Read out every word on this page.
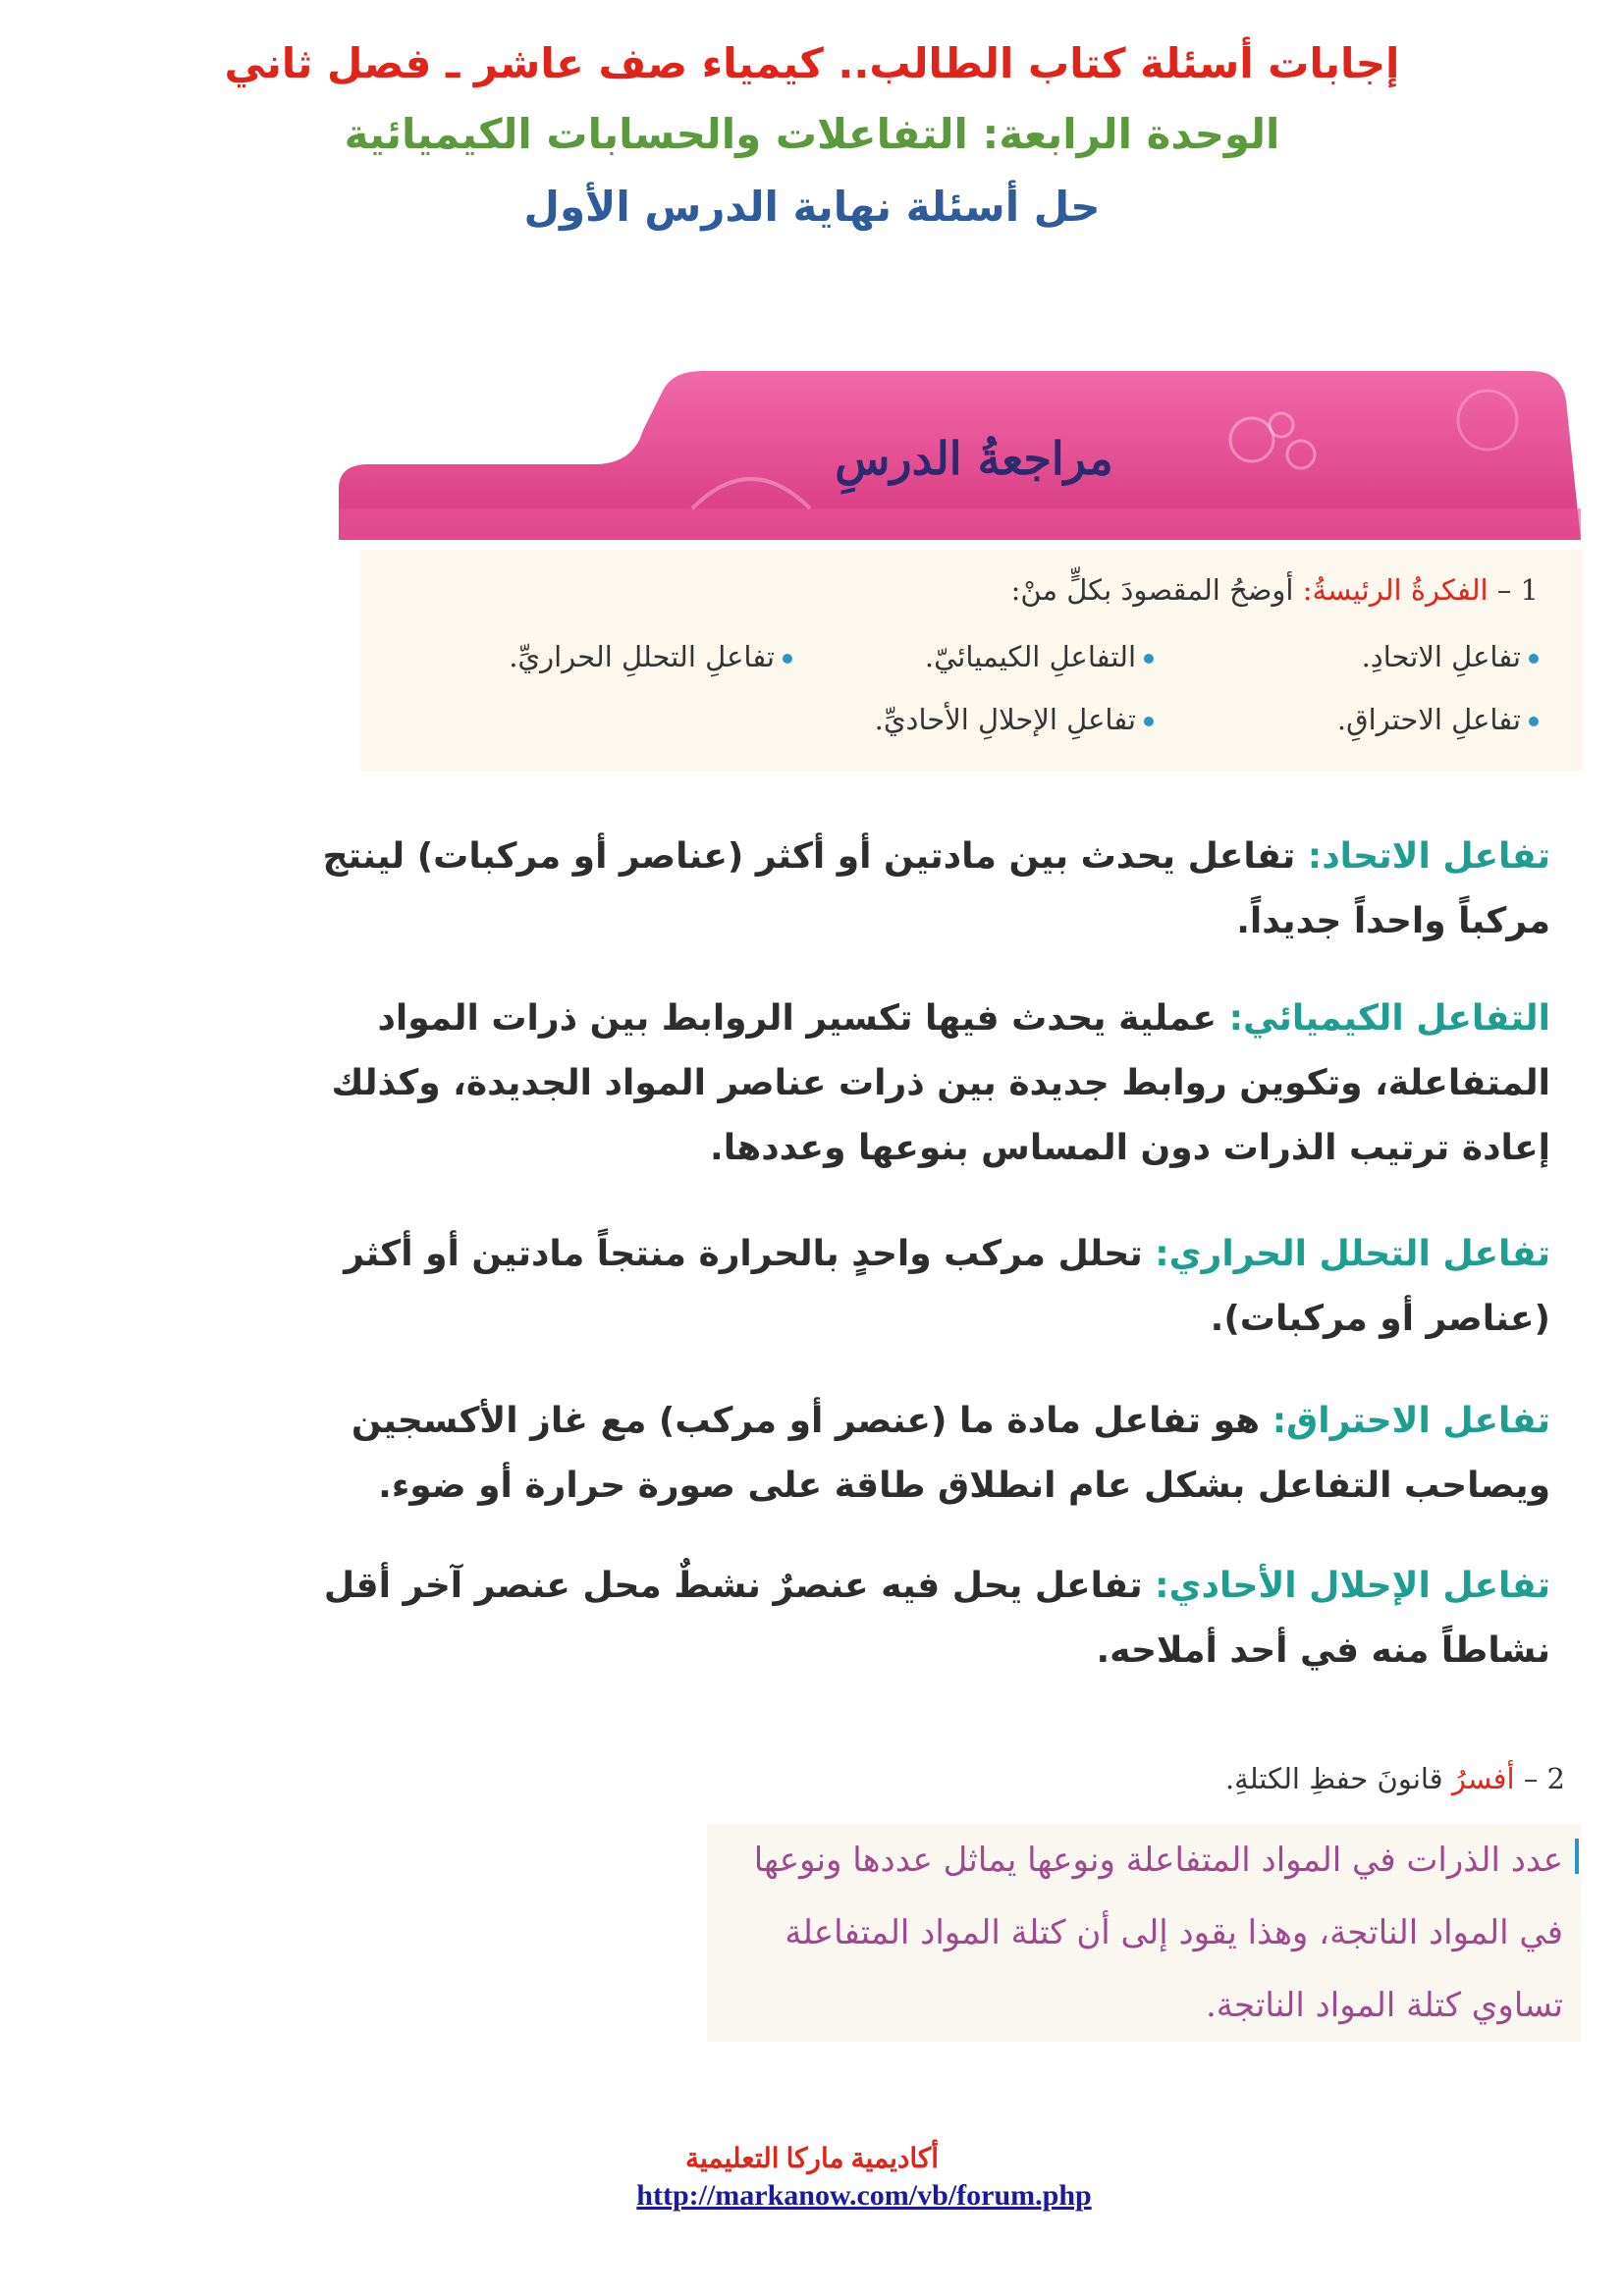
إجابات أسئلة كتاب الطالب.. كيمياء صف عاشر ـ فصل ثاني
الوحدة الرابعة: التفاعلات والحسابات الكيميائية
حل أسئلة نهاية الدرس الأول
مراجعةُ الدرسِ
1 – الفكرةُ الرئيسةُ: أوضحُ المقصودَ بكلٍّ منْ:
تفاعلِ الاتحادِ.
التفاعلِ الكيميائيّ.
تفاعلِ التحللِ الحراريِّ.
تفاعلِ الاحتراقِ.
تفاعلِ الإحلالِ الأحاديِّ.
تفاعل الاتحاد: تفاعل يحدث بين مادتين أو أكثر (عناصر أو مركبات) لينتج مركباً واحداً جديداً.
التفاعل الكيميائي: عملية يحدث فيها تكسير الروابط بين ذرات المواد المتفاعلة، وتكوين روابط جديدة بين ذرات عناصر المواد الجديدة، وكذلك إعادة ترتيب الذرات دون المساس بنوعها وعددها.
تفاعل التحلل الحراري: تحلل مركب واحدٍ بالحرارة منتجاً مادتين أو أكثر (عناصر أو مركبات).
تفاعل الاحتراق: هو تفاعل مادة ما (عنصر أو مركب) مع غاز الأكسجين ويصاحب التفاعل بشكل عام انطلاق طاقة على صورة حرارة أو ضوء.
تفاعل الإحلال الأحادي: تفاعل يحل فيه عنصرٌ نشطٌ محل عنصر آخر أقل نشاطاً منه في أحد أملاحه.
2 – أفسرُ قانونَ حفظِ الكتلةِ.
عدد الذرات في المواد المتفاعلة ونوعها يماثل عددها ونوعها في المواد الناتجة، وهذا يقود إلى أن كتلة المواد المتفاعلة تساوي كتلة المواد الناتجة.
أكاديمية ماركا التعليمية
http://markanow.com/vb/forum.php
